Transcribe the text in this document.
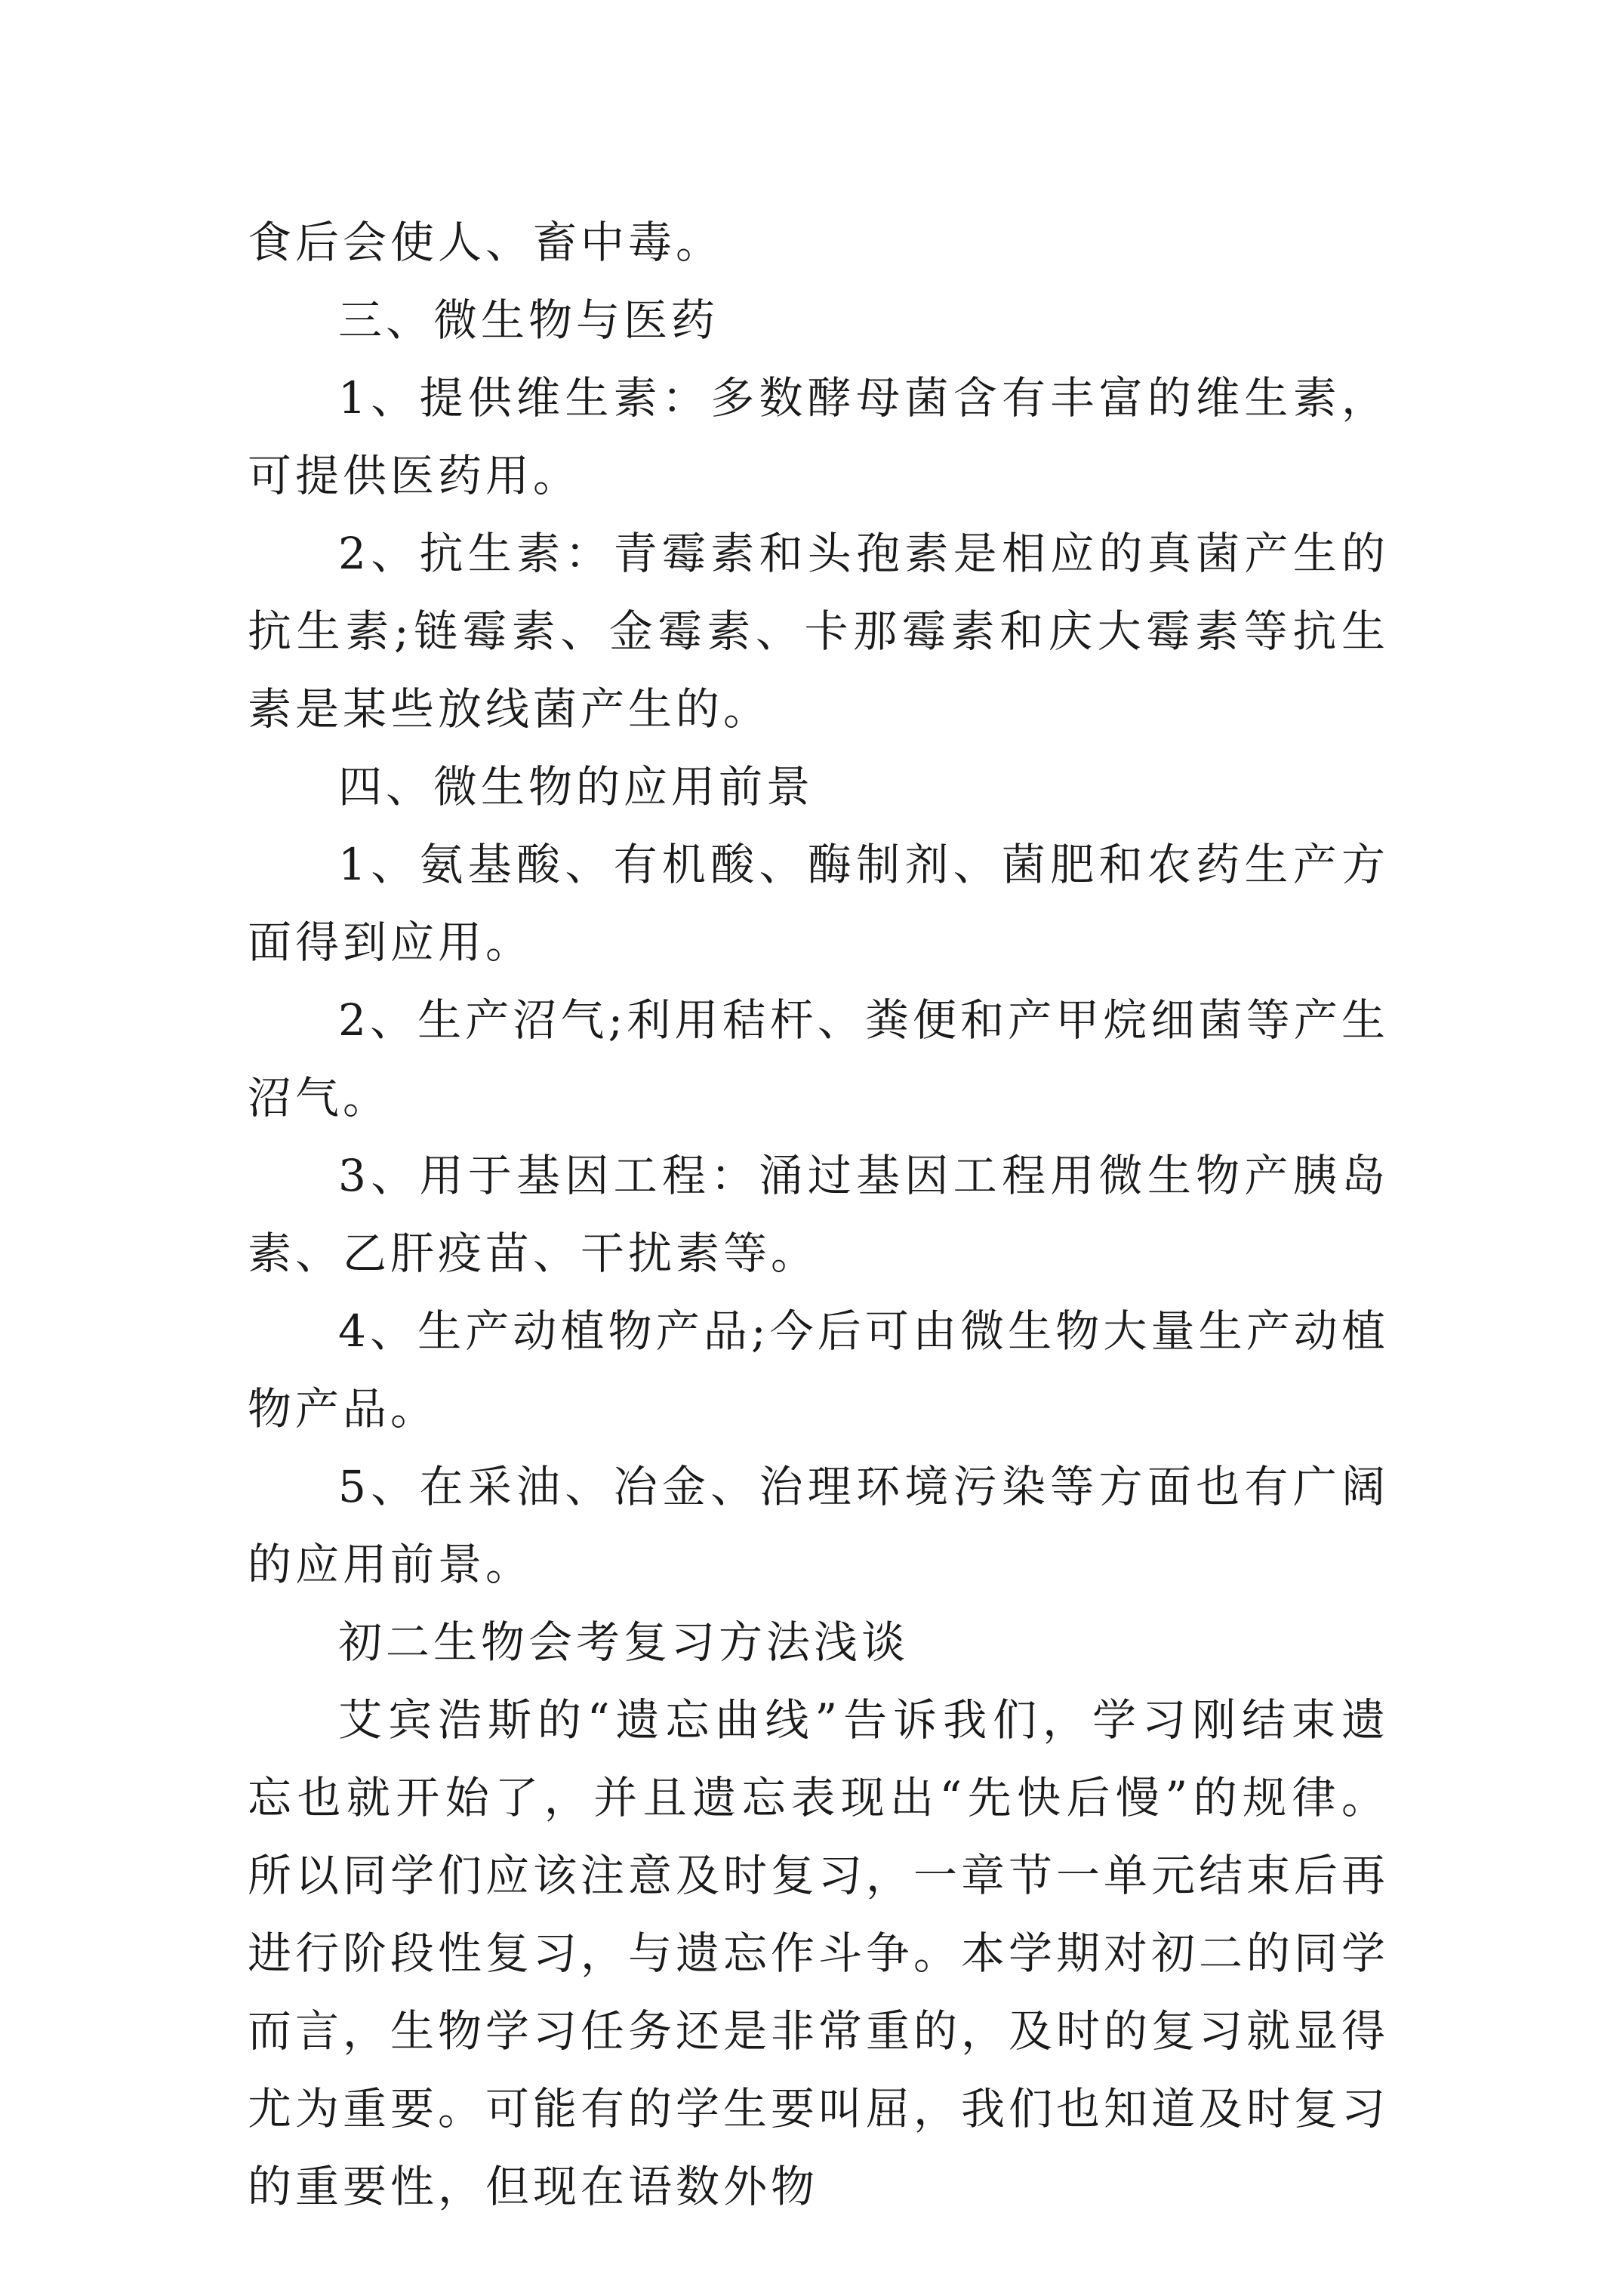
食后会使人、畜中毒。

三、微生物与医药

1、提供维生素：多数酵母菌含有丰富的维生素，可提供医药用。

2、抗生素：青霉素和头孢素是相应的真菌产生的抗生素;链霉素、金霉素、卡那霉素和庆大霉素等抗生素是某些放线菌产生的。

四、微生物的应用前景

1、氨基酸、有机酸、酶制剂、菌肥和农药生产方面得到应用。

2、生产沼气;利用秸杆、粪便和产甲烷细菌等产生沼气。

3、用于基因工程：涌过基因工程用微生物产胰岛素、乙肝疫苗、干扰素等。

4、生产动植物产品;今后可由微生物大量生产动植物产品。

5、在采油、冶金、治理环境污染等方面也有广阔的应用前景。

初二生物会考复习方法浅谈

艾宾浩斯的“遗忘曲线”告诉我们，学习刚结束遗忘也就开始了，并且遗忘表现出“先快后慢”的规律。所以同学们应该注意及时复习，一章节一单元结束后再进行阶段性复习，与遗忘作斗争。本学期对初二的同学而言，生物学习任务还是非常重的，及时的复习就显得尤为重要。可能有的学生要叫屈，我们也知道及时复习的重要性，但现在语数外物
